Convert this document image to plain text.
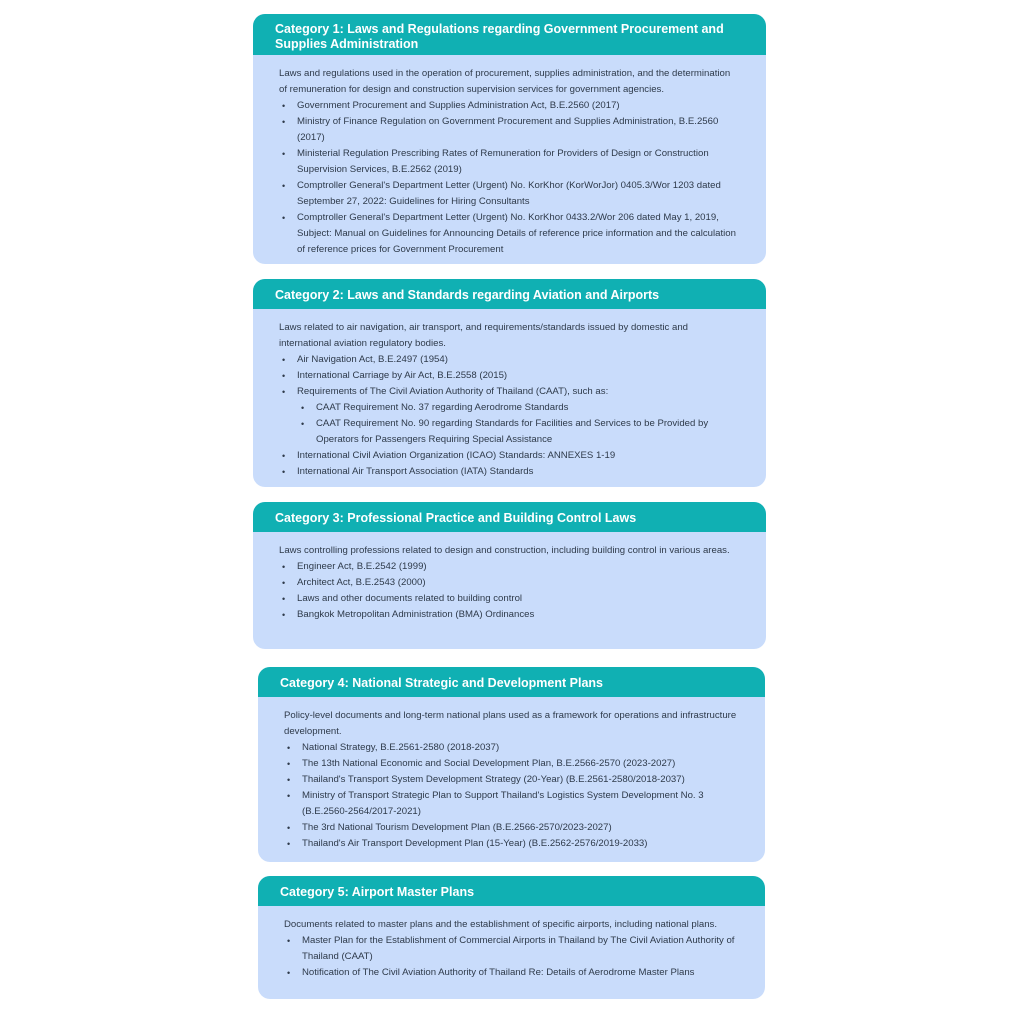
Category 1: Laws and Regulations regarding Government Procurement and Supplies Administration

Laws and regulations used in the operation of procurement, supplies administration, and the determination of remuneration for design and construction supervision services for government agencies.

• Government Procurement and Supplies Administration Act, B.E.2560 (2017)
• Ministry of Finance Regulation on Government Procurement and Supplies Administration, B.E.2560 (2017)
• Ministerial Regulation Prescribing Rates of Remuneration for Providers of Design or Construction Supervision Services, B.E.2562 (2019)
• Comptroller General's Department Letter (Urgent) No. KorKhor (KorWorJor) 0405.3/Wor 1203 dated September 27, 2022: Guidelines for Hiring Consultants
• Comptroller General's Department Letter (Urgent) No. KorKhor 0433.2/Wor 206 dated May 1, 2019, Subject: Manual on Guidelines for Announcing Details of reference price information and the calculation of reference prices for Government Procurement
Category 2: Laws and Standards regarding Aviation and Airports

Laws related to air navigation, air transport, and requirements/standards issued by domestic and international aviation regulatory bodies.

• Air Navigation Act, B.E.2497 (1954)
• International Carriage by Air Act, B.E.2558 (2015)
• Requirements of The Civil Aviation Authority of Thailand (CAAT), such as:
• CAAT Requirement No. 37 regarding Aerodrome Standards
• CAAT Requirement No. 90 regarding Standards for Facilities and Services to be Provided by Operators for Passengers Requiring Special Assistance
• International Civil Aviation Organization (ICAO) Standards: ANNEXES 1-19
• International Air Transport Association (IATA) Standards
Category 3: Professional Practice and Building Control Laws

Laws controlling professions related to design and construction, including building control in various areas.

• Engineer Act, B.E.2542 (1999)
• Architect Act, B.E.2543 (2000)
• Laws and other documents related to building control
• Bangkok Metropolitan Administration (BMA) Ordinances
Category 4: National Strategic and Development Plans

Policy-level documents and long-term national plans used as a framework for operations and infrastructure development.

• National Strategy, B.E.2561-2580 (2018-2037)
• The 13th National Economic and Social Development Plan, B.E.2566-2570 (2023-2027)
• Thailand's Transport System Development Strategy (20-Year) (B.E.2561-2580/2018-2037)
• Ministry of Transport Strategic Plan to Support Thailand's Logistics System Development No. 3 (B.E.2560-2564/2017-2021)
• The 3rd National Tourism Development Plan (B.E.2566-2570/2023-2027)
• Thailand's Air Transport Development Plan (15-Year) (B.E.2562-2576/2019-2033)
Category 5: Airport Master Plans

Documents related to master plans and the establishment of specific airports, including national plans.

• Master Plan for the Establishment of Commercial Airports in Thailand by The Civil Aviation Authority of Thailand (CAAT)
• Notification of The Civil Aviation Authority of Thailand Re: Details of Aerodrome Master Plans
